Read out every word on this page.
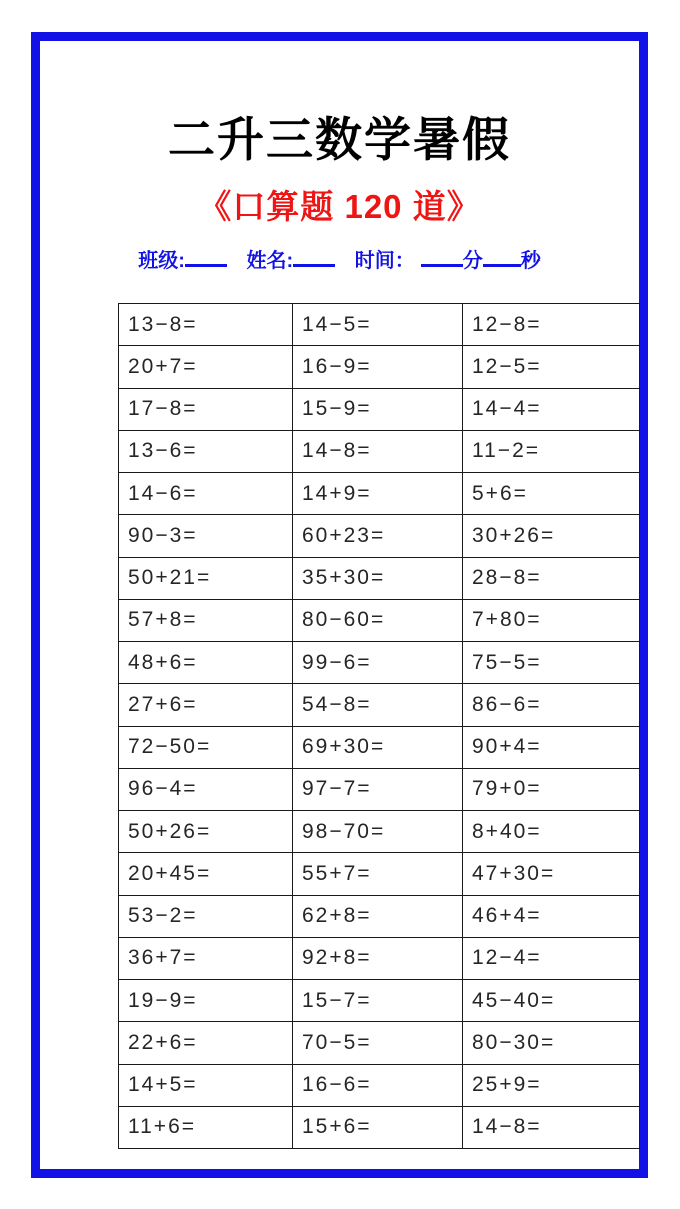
二升三数学暑假
《口算题 120 道》
班级:	姓名:	时间： 分 秒
13−8=	14−5=	12−8=
20+7=	16−9=	12−5=
17−8=	15−9=	14−4=
13−6=	14−8=	11−2=
14−6=	14+9=	5+6=
90−3=	60+23=	30+26=
50+21=	35+30=	28−8=
57+8=	80−60=	7+80=
48+6=	99−6=	75−5=
27+6=	54−8=	86−6=
72−50=	69+30=	90+4=
96−4=	97−7=	79+0=
50+26=	98−70=	8+40=
20+45=	55+7=	47+30=
53−2=	62+8=	46+4=
36+7=	92+8=	12−4=
19−9=	15−7=	45−40=
22+6=	70−5=	80−30=
14+5=	16−6=	25+9=
11+6=	15+6=	14−8=
